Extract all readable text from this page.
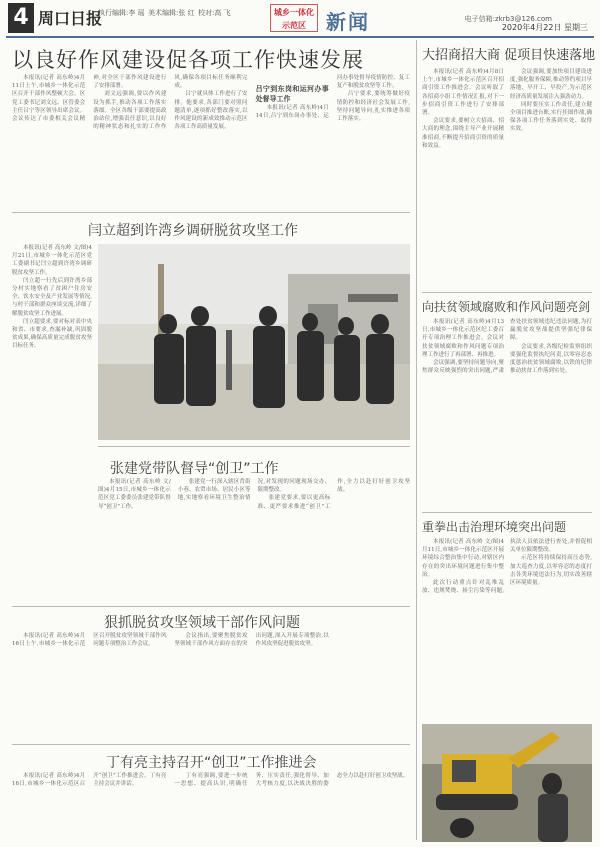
4 周口日报
执行编辑:李 瑶 美术编辑:张 红 校对:高 飞	城乡一体化 示范区	新闻	电子信箱:zkrb3@126.com
2020年4月22日 星期三
以良好作风建设促各项工作快速发展

本报讯(记者 高东岭)4月11日上午,市城乡一体化示范区召开干部作风整顿大会。区党工委书记刘文远、区管委会主任吕宁等区领导出席会议。会议传达了市委相关会议精神,对全区干部作风建设进行了安排部署。

刘文远强调,要以作风建设为抓手,推动各项工作落实落细。全区各级干部要提高政治站位,增强责任意识,以良好的精神状态和扎实的工作作风,确保各项目标任务顺利完成。

吕宁就具体工作进行了安排。他要求,各部门要对照问题清单,逐项抓好整改落实,以作风建设的新成效推动示范区各项工作高质量发展。

吕宁到东岗和运河办事处督导工作

本报讯(记者 高东岭)4月14日,吕宁到东岗办事处、运河办事处督导疫情防控、复工复产和脱贫攻坚等工作。

吕宁要求,要统筹做好疫情防控和经济社会发展工作,坚持问题导向,扎实推进各项工作落实。

大招商招大商 促项目快速落地

本报讯(记者 高东岭)4月8日上午,市城乡一体化示范区召开招商引资工作推进会。会议听取了各招商小组工作情况汇报,对下一步招商引资工作进行了安排部署。

会议要求,要树立大招商、招大商的理念,围绕主导产业开展精准招商,不断提升招商引资的质量和效益。

会议强调,要加快项目建设进度,强化服务保障,推动签约项目早落地、早开工、早投产,为示范区经济高质量发展注入强劲动力。

同时要压实工作责任,建立健全项目推进台账,实行挂图作战,确保各项工作任务落到实处、取得实效。

闫立超到许湾乡调研脱贫攻坚工作

本报讯(记者 高东岭 文/图)4月21日,市城乡一体化示范区党工委副书记闫立超到许湾乡调研脱贫攻坚工作。

闫立超一行先后到许湾乡部分村实地察看了贫困户住房安全、饮水安全及产业发展等情况,与村干部和群众座谈交流,详细了解脱贫攻坚工作进展。

闫立超要求,要对标对表中央和省、市要求,查漏补缺,巩固脱贫成果,确保高质量完成脱贫攻坚目标任务。

张建党带队督导“创卫”工作

本报讯(记者 高东岭 文/图)4月15日,市城乡一体化示范区党工委委员张建党带队督导“创卫”工作。

张建党一行深入辖区背街小巷、农贸市场、居民小区等地,实地察看环境卫生整治情况,对发现的问题现场交办、限期整改。

张建党要求,要以更高标准、更严要求推进“创卫”工作,全力以赴打好创卫攻坚战。

向扶贫领域腐败和作风问题亮剑

本报讯(记者 高东岭)4月13日,市城乡一体化示范区纪工委召开专项治理工作推进会。会议对扶贫领域腐败和作风问题专项治理工作进行了再部署、再推进。

会议强调,要坚持问题导向,聚焦群众反映强烈的突出问题,严肃查处扶贫领域违纪违法问题,为打赢脱贫攻坚战提供坚强纪律保障。

会议要求,各级纪检监察组织要强化监督执纪问责,以零容忍态度惩治扶贫领域腐败,以铁的纪律推动扶贫工作落到实处。

重拳出击治理环境突出问题

本报讯(记者 高东岭 文/图)4月11日,市城乡一体化示范区开展环境综合整治集中行动,对辖区内存在的突出环境问题进行集中整治。

此次行动重点针对乱堆乱放、违规焚烧、扬尘污染等问题,执法人员依法进行查处,并督促相关单位限期整改。

示范区将持续保持高压态势,加大巡查力度,以零容忍的态度打击各类环境违法行为,切实改善辖区环境质量。

狠抓脱贫攻坚领域干部作风问题

本报讯(记者 高东岭)4月16日上午,市城乡一体化示范区召开脱贫攻坚领域干部作风问题专项整治工作会议。

会议指出,要聚焦脱贫攻坚领域干部作风方面存在的突出问题,深入开展专项整治,以作风攻坚促进脱贫攻坚。

丁有亮主持召开“创卫”工作推进会

本报讯(记者 高东岭)4月16日,市城乡一体化示范区召开“创卫”工作推进会。丁有亮主持会议并讲话。

丁有亮强调,要进一步统一思想、提高认识,明确任务、压实责任,强化督导、加大考核力度,以决战决胜的姿态全力以赴打好创卫攻坚战。
